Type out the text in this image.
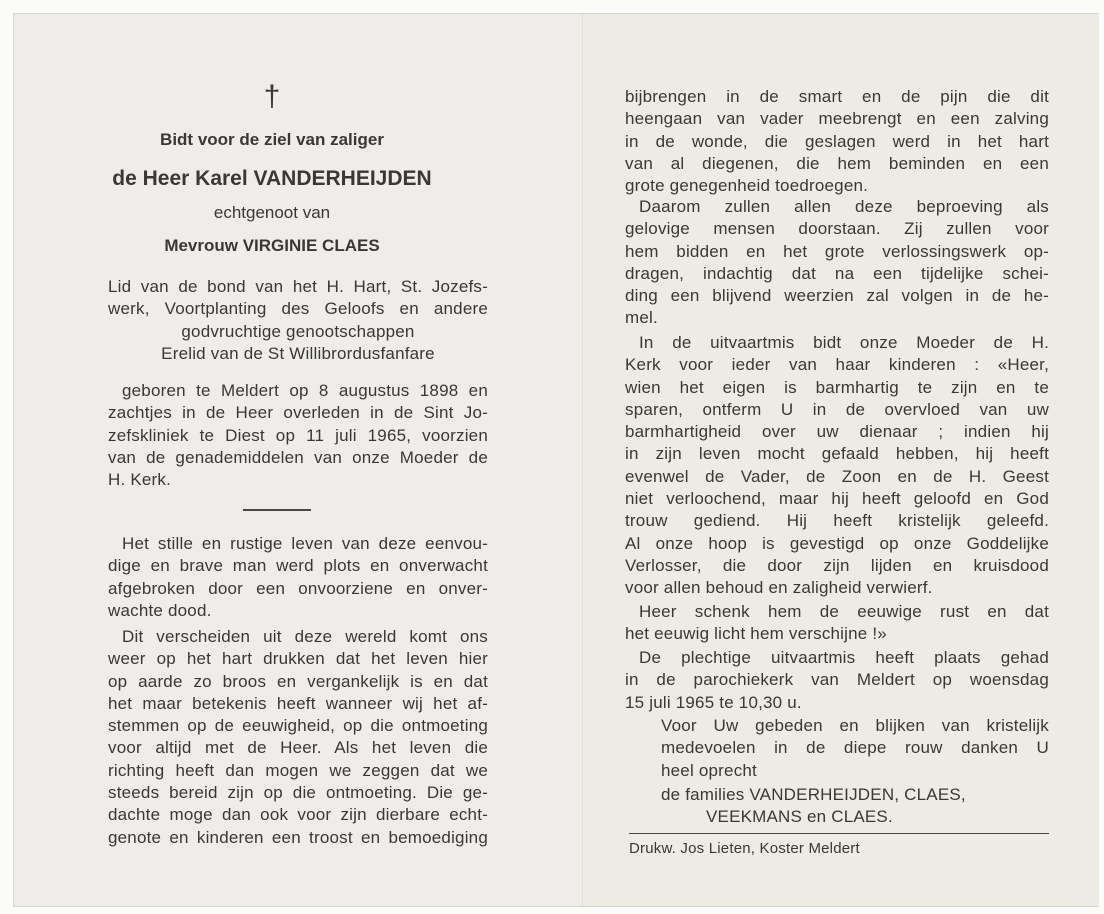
†
Bidt voor de ziel van zaliger
de Heer Karel VANDERHEIJDEN
echtgenoot van
Mevrouw VIRGINIE CLAES
Lid van de bond van het H. Hart, St. Jozefs-
werk, Voortplanting des Geloofs en andere
godvruchtige genootschappen
Erelid van de St Willibrordusfanfare
geboren te Meldert op 8 augustus 1898 en
zachtjes in de Heer overleden in de Sint Jo-
zefskliniek te Diest op 11 juli 1965, voorzien
van de genademiddelen van onze Moeder de
H. Kerk.
Het stille en rustige leven van deze eenvou-
dige en brave man werd plots en onverwacht
afgebroken door een onvoorziene en onver-
wachte dood.
Dit verscheiden uit deze wereld komt ons
weer op het hart drukken dat het leven hier
op aarde zo broos en vergankelijk is en dat
het maar betekenis heeft wanneer wij het af-
stemmen op de eeuwigheid, op die ontmoeting
voor altijd met de Heer. Als het leven die
richting heeft dan mogen we zeggen dat we
steeds bereid zijn op die ontmoeting. Die ge-
dachte moge dan ook voor zijn dierbare echt-
genote en kinderen een troost en bemoediging
bijbrengen in de smart en de pijn die dit
heengaan van vader meebrengt en een zalving
in de wonde, die geslagen werd in het hart
van al diegenen, die hem beminden en een
grote genegenheid toedroegen.
Daarom zullen allen deze beproeving als
gelovige mensen doorstaan. Zij zullen voor
hem bidden en het grote verlossingswerk op-
dragen, indachtig dat na een tijdelijke schei-
ding een blijvend weerzien zal volgen in de he-
mel.
In de uitvaartmis bidt onze Moeder de H.
Kerk voor ieder van haar kinderen : «Heer,
wien het eigen is barmhartig te zijn en te
sparen, ontferm U in de overvloed van uw
barmhartigheid over uw dienaar ; indien hij
in zijn leven mocht gefaald hebben, hij heeft
evenwel de Vader, de Zoon en de H. Geest
niet verloochend, maar hij heeft geloofd en God
trouw gediend. Hij heeft kristelijk geleefd.
Al onze hoop is gevestigd op onze Goddelijke
Verlosser, die door zijn lijden en kruisdood
voor allen behoud en zaligheid verwierf.
Heer schenk hem de eeuwige rust en dat
het eeuwig licht hem verschijne !»
De plechtige uitvaartmis heeft plaats gehad
in de parochiekerk van Meldert op woensdag
15 juli 1965 te 10,30 u.
Voor Uw gebeden en blijken van kristelijk
medevoelen in de diepe rouw danken U
heel oprecht
de families VANDERHEIJDEN, CLAES,
VEEKMANS en CLAES.
Drukw. Jos Lieten, Koster Meldert
